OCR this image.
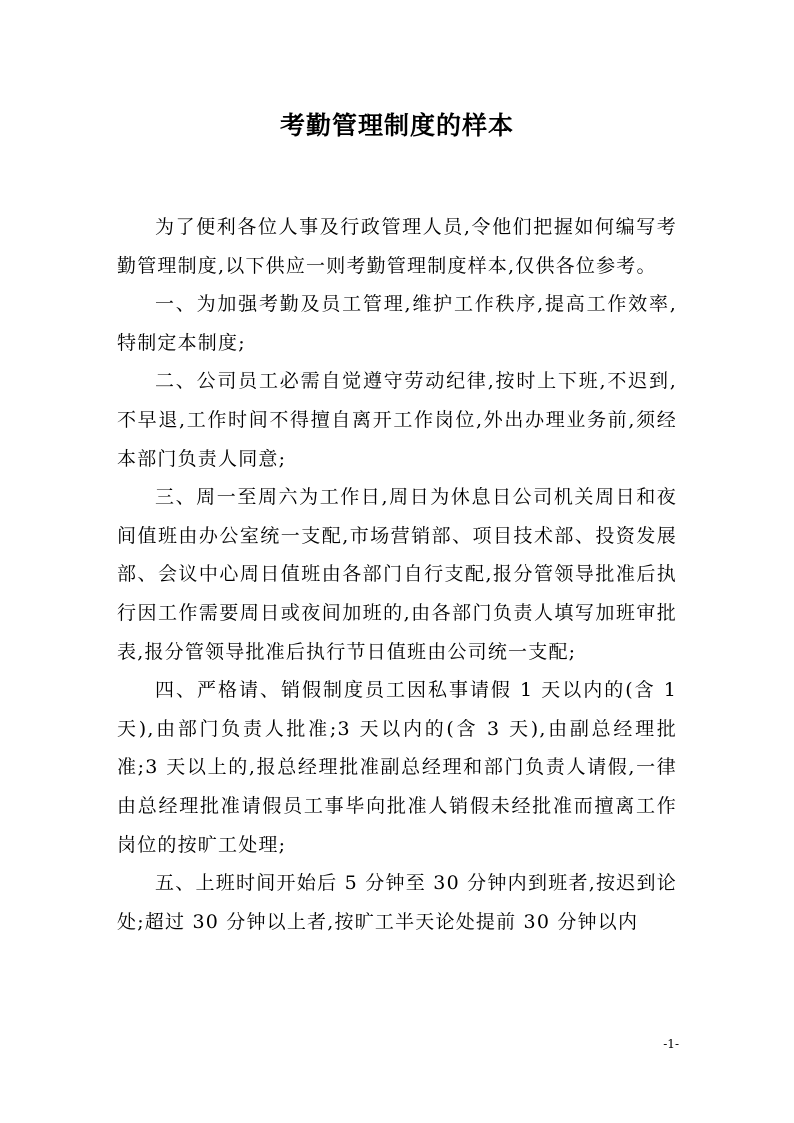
考勤管理制度的样本

为了便利各位人事及行政管理人员,令他们把握如何编写考勤管理制度,以下供应一则考勤管理制度样本,仅供各位参考。

一、为加强考勤及员工管理,维护工作秩序,提高工作效率,特制定本制度;

二、公司员工必需自觉遵守劳动纪律,按时上下班,不迟到,不早退,工作时间不得擅自离开工作岗位,外出办理业务前,须经本部门负责人同意;

三、周一至周六为工作日,周日为休息日公司机关周日和夜间值班由办公室统一支配,市场营销部、项目技术部、投资发展部、会议中心周日值班由各部门自行支配,报分管领导批准后执行因工作需要周日或夜间加班的,由各部门负责人填写加班审批表,报分管领导批准后执行节日值班由公司统一支配;

四、严格请、销假制度员工因私事请假 1 天以内的(含 1 天),由部门负责人批准;3 天以内的(含 3 天),由副总经理批准;3 天以上的,报总经理批准副总经理和部门负责人请假,一律由总经理批准请假员工事毕向批准人销假未经批准而擅离工作岗位的按旷工处理;

五、上班时间开始后 5 分钟至 30 分钟内到班者,按迟到论处;超过 30 分钟以上者,按旷工半天论处提前 30 分钟以内

-1-
